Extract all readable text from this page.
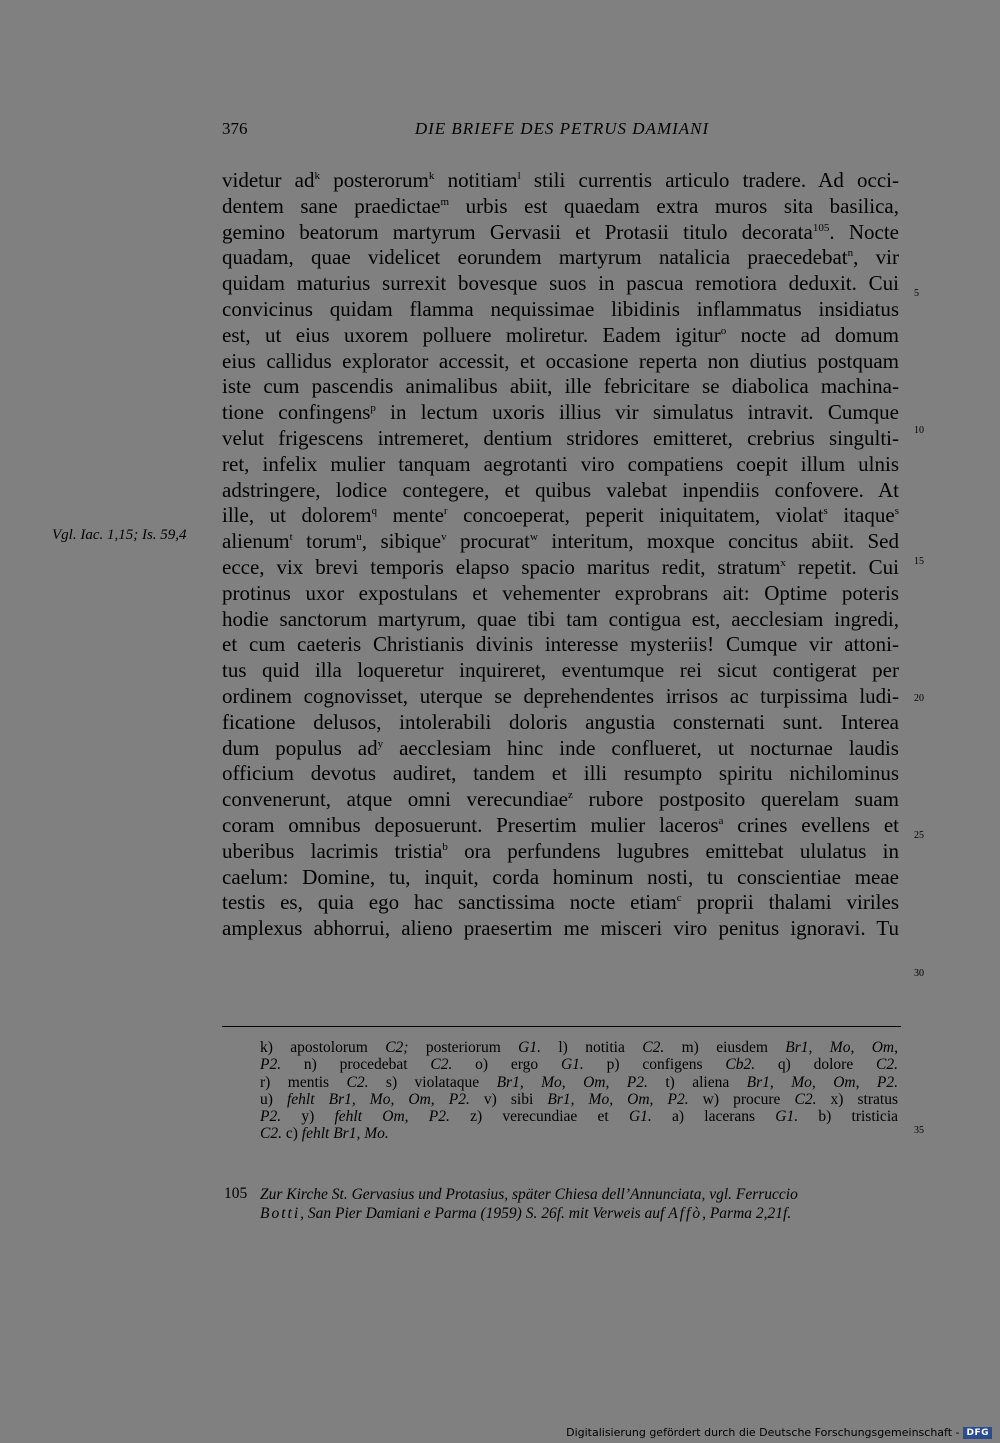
376	DIE BRIEFE DES PETRUS DAMIANI
Vgl. Iac. 1,15; Is. 59,4
videtur $ad^k$ posterorum$^k$ notitiam$^l$ stili currentis articulo tradere. Ad occi-
dentem sane praedictae$^m$ urbis est quaedam extra muros sita basilica,
gemino beatorum martyrum Gervasii et Protasii titulo decorata$^{105}$. Nocte
quadam, quae videlicet eorundem martyrum natalicia praecedebat$^n$, vir
quidam maturius surrexit bovesque suos in pascua remotiora deduxit. Cui
convicinus quidam flamma nequissimae libidinis inflammatus insidiatus
est, ut eius uxorem polluere moliretur. Eadem igitur$^o$ nocte ad domum
eius callidus explorator accessit, et occasione reperta non diutius postquam
iste cum pascendis animalibus abiit, ille febricitare se diabolica machina-
tione confingens$^p$ in lectum uxoris illius vir simulatus intravit. Cumque
velut frigescens intremeret, dentium stridores emitteret, crebrius singulti-
ret, infelix mulier tanquam aegrotanti viro compatiens coepit illum ulnis
adstringere, lodice contegere, et quibus valebat inpendiis confovere. At
ille, ut dolorem$^q$ mente$^r$ concoeperat, peperit iniquitatem, violat$^s$ itaque$^s$
alienum$^t$ torum$^u$, sibique$^v$ procurat$^w$ interitum, moxque concitus abiit. Sed
ecce, vix brevi temporis elapso spacio maritus redit, stratum$^x$ repetit. Cui
protinus uxor expostulans et vehementer exprobrans ait: Optime poteris
hodie sanctorum martyrum, quae tibi tam contigua est, aecclesiam ingredi,
et cum caeteris Christianis divinis interesse mysteriis! Cumque vir attoni-
tus quid illa loqueretur inquireret, eventumque rei sicut contigerat per
ordinem cognovisset, uterque se deprehendentes irrisos ac turpissima ludi-
ficatione delusos, intolerabili doloris angustia consternati sunt. Interea
dum populus $ad^y$ aecclesiam hinc inde conflueret, ut nocturnae laudis
officium devotus audiret, tandem et illi resumpto spiritu nichilominus
convenerunt, atque omni verecundiae$^z$ rubore postposito querelam suam
coram omnibus deposuerunt. Presertim mulier laceros$^a$ crines evellens et
uberibus lacrimis tristia$^b$ ora perfundens lugubres emittebat ululatus in
caelum: Domine, tu, inquit, corda hominum nosti, tu conscientiae meae
testis es, quia ego hac sanctissima nocte etiam$^c$ proprii thalami viriles
amplexus abhorrui, alieno praesertim me misceri viro penitus ignoravi. Tu
5
10
15
20
25
30
35
k) apostolorum C2; posteriorum G1. l) notitia C2. m) eiusdem Br1, Mo, Om,
P2. n) procedebat C2. o) ergo G1. p) configens Cb2. q) dolore C2.
r) mentis C2. s) violataque Br1, Mo, Om, P2. t) aliena Br1, Mo, Om, P2.
u) fehlt Br1, Mo, Om, P2. v) sibi Br1, Mo, Om, P2. w) procure C2. x) stratus
P2. y) fehlt Om, P2. z) verecundiae et G1. a) lacerans G1. b) tristicia
C2. c) fehlt Br1, Mo.
105 Zur Kirche St. Gervasius und Protasius, später Chiesa dell’Annunciata, vgl. Ferruccio
Botti, San Pier Damiani e Parma (1959) S. 26f. mit Verweis auf Affò, Parma 2,21f.
Digitalisierung gefördert durch die Deutsche Forschungsgemeinschaft - DFG
